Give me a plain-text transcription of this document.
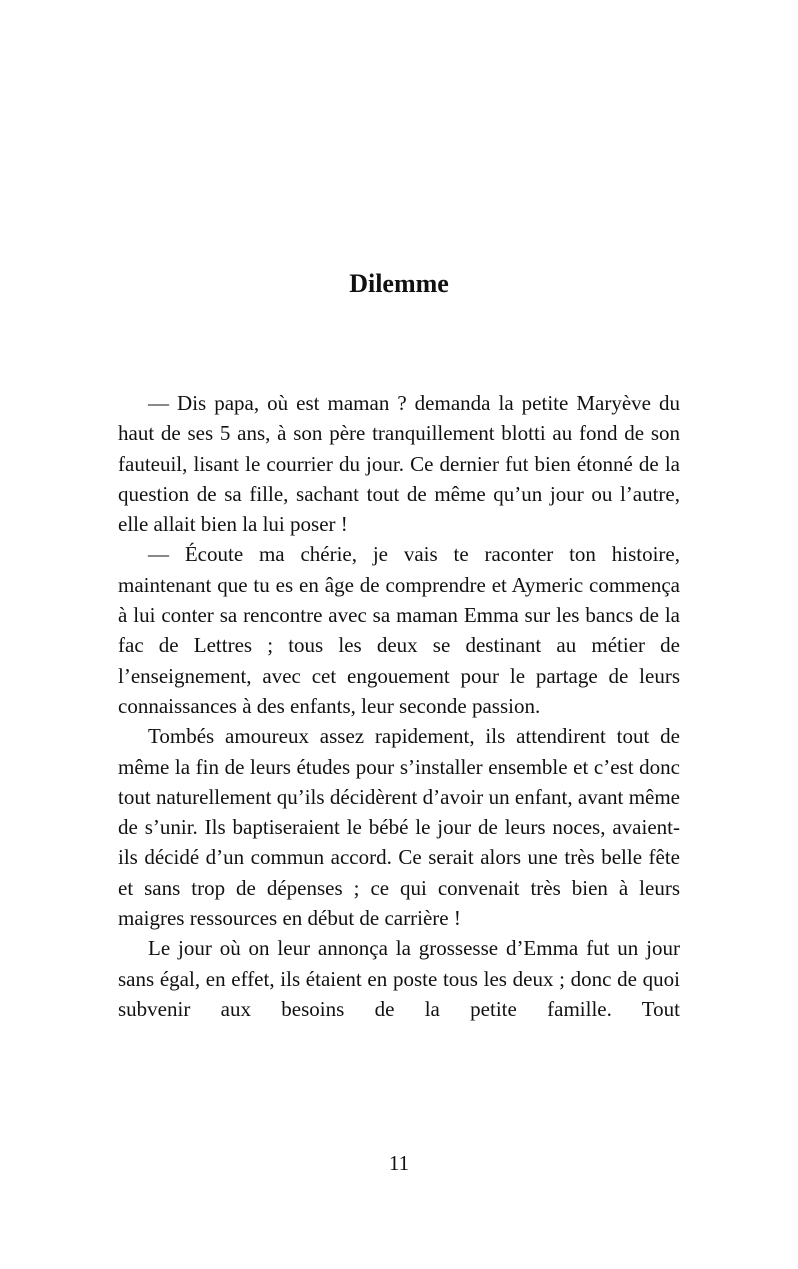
Dilemme

— Dis papa, où est maman ? demanda la petite Maryève du haut de ses 5 ans, à son père tranquillement blotti au fond de son fauteuil, lisant le courrier du jour. Ce dernier fut bien étonné de la question de sa fille, sachant tout de même qu’un jour ou l’autre, elle allait bien la lui poser !

— Écoute ma chérie, je vais te raconter ton histoire, maintenant que tu es en âge de comprendre et Aymeric commença à lui conter sa rencontre avec sa maman Emma sur les bancs de la fac de Lettres ; tous les deux se destinant au métier de l’enseignement, avec cet engouement pour le partage de leurs connaissances à des enfants, leur seconde passion.

Tombés amoureux assez rapidement, ils attendirent tout de même la fin de leurs études pour s’installer ensemble et c’est donc tout naturellement qu’ils décidèrent d’avoir un enfant, avant même de s’unir. Ils baptiseraient le bébé le jour de leurs noces, avaient-ils décidé d’un commun accord. Ce serait alors une très belle fête et sans trop de dépenses ; ce qui convenait très bien à leurs maigres ressources en début de carrière !

Le jour où on leur annonça la grossesse d’Emma fut un jour sans égal, en effet, ils étaient en poste tous les deux ; donc de quoi subvenir aux besoins de la petite famille. Tout

11
